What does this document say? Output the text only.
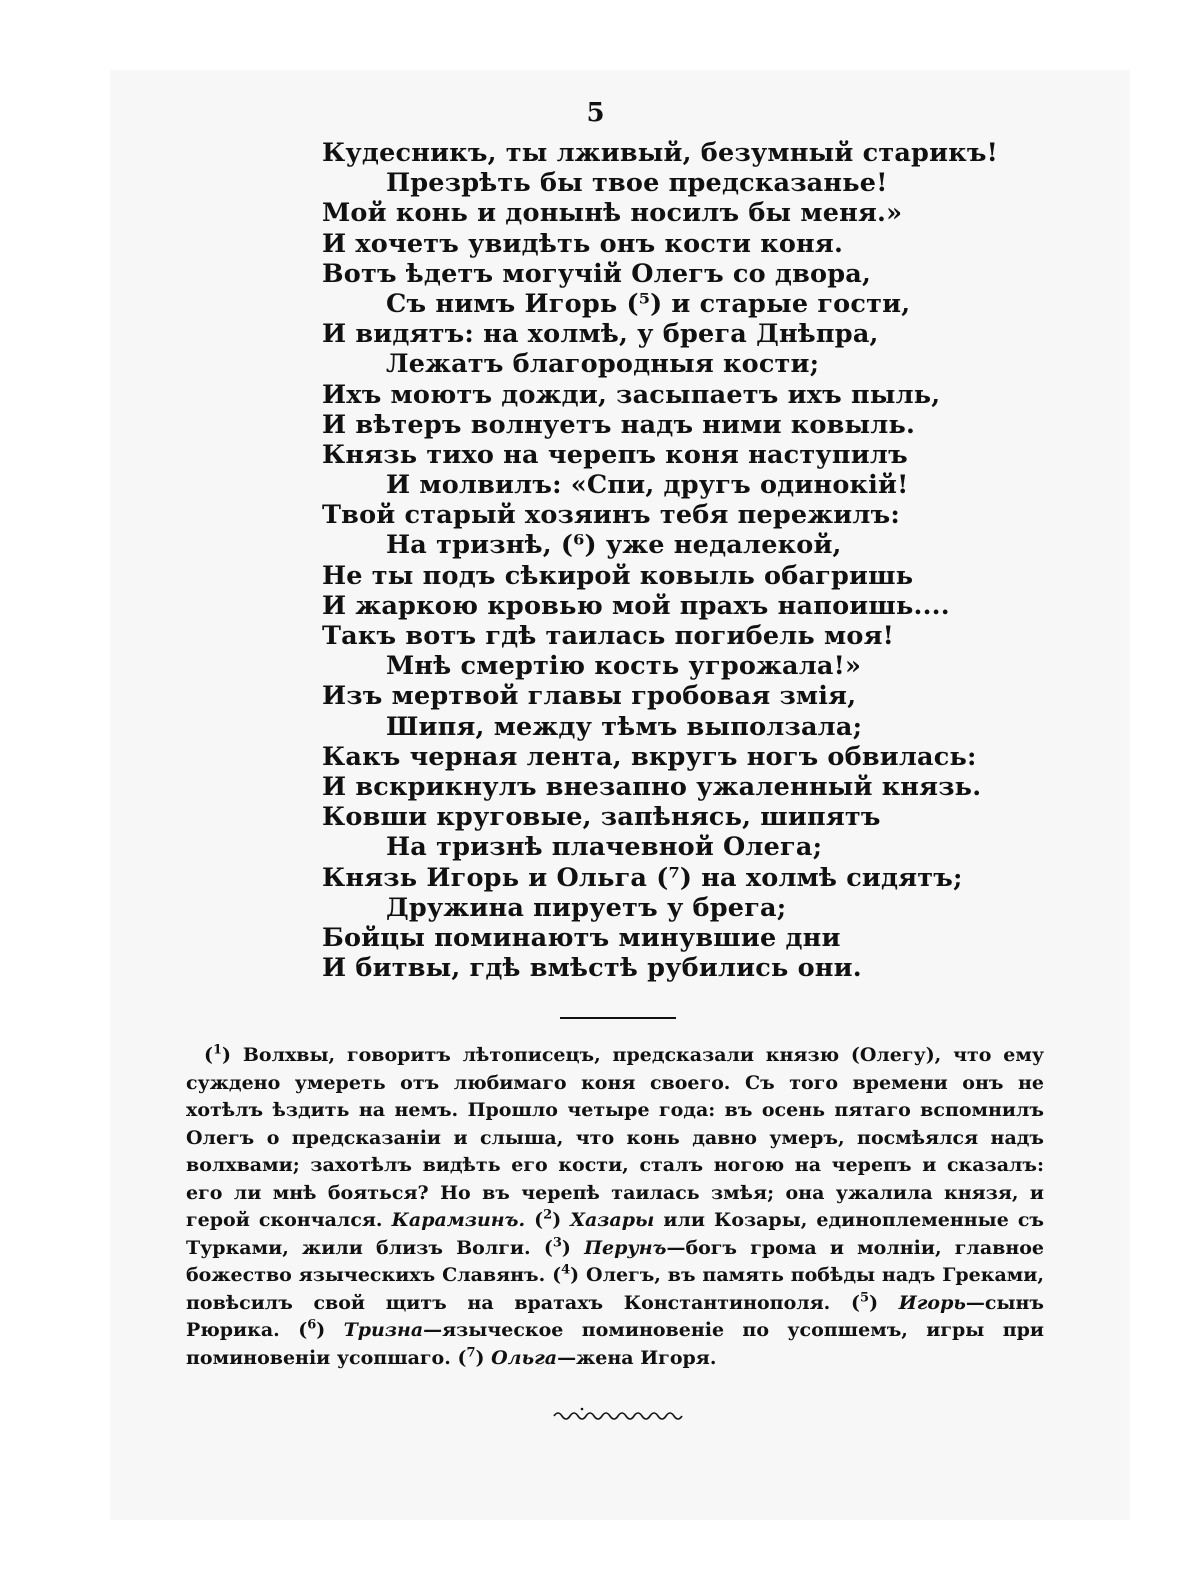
5
Кудесникъ, ты лживый, безумный старикъ!
Презрѣть бы твое предсказанье!
Мой конь и донынѣ носилъ бы меня.»
И хочетъ увидѣть онъ кости коня.
Вотъ ѣдетъ могучій Олегъ со двора,
Съ нимъ Игорь (⁵) и старые гости,
И видятъ: на холмѣ, у брега Днѣпра,
Лежатъ благородныя кости;
Ихъ моютъ дожди, засыпаетъ ихъ пыль,
И вѣтеръ волнуетъ надъ ними ковыль.
Князь тихо на черепъ коня наступилъ
И молвилъ: «Спи, другъ одинокій!
Твой старый хозяинъ тебя пережилъ:
На тризнѣ, (⁶) уже недалекой,
Не ты подъ сѣкирой ковыль обагришь
И жаркою кровью мой прахъ напоишь....
Такъ вотъ гдѣ таилась погибель моя!
Мнѣ смертію кость угрожала!»
Изъ мертвой главы гробовая змія,
Шипя, между тѣмъ выползала;
Какъ черная лента, вкругъ ногъ обвилась:
И вскрикнулъ внезапно ужаленный князь.
Ковши круговые, запѣнясь, шипятъ
На тризнѣ плачевной Олега;
Князь Игорь и Ольга (⁷) на холмѣ сидятъ;
Дружина пируетъ у брега;
Бойцы поминаютъ минувшие дни
И битвы, гдѣ вмѣстѣ рубились они.

($^1$) Волхвы, говоритъ лѣтописецъ, предсказали князю (Олегу), что ему суждено умереть отъ любимаго коня своего. Съ того времени онъ не хотѣлъ ѣздить на немъ. Прошло четыре года: въ осень пятаго вспомнилъ Олегъ о предсказаніи и слыша, что конь давно умеръ, посмѣялся надъ волхвами; захотѣлъ видѣть его кости, сталъ ногою на черепъ и сказалъ: его ли мнѣ бояться? Но въ черепѣ таилась змѣя; она ужалила князя, и герой скончался. Карамзинъ. ($^2$) Хазары или Козары, единоплеменные съ Турками, жили близъ Волги. ($^3$) Перунъ—богъ грома и молніи, главное божество языческихъ Славянъ. ($^4$) Олегъ, въ память побѣды надъ Греками, повѣсилъ свой щитъ на вратахъ Константинополя. ($^5$) Игорь—сынъ Рюрика. ($^6$) Тризна—языческое поминовеніе по усопшемъ, игры при поминовеніи усопшаго. ($^7$) Ольга—жена Игоря.
